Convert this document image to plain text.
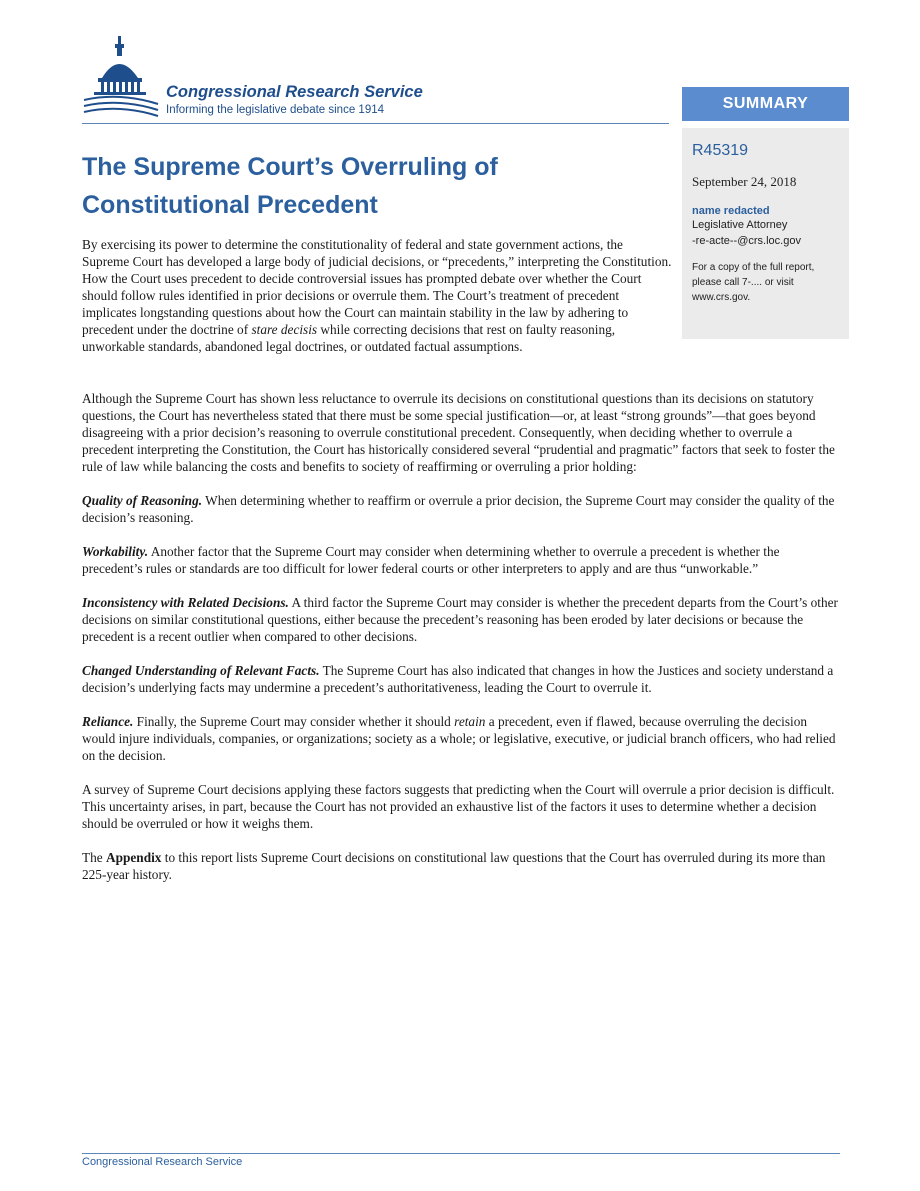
Congressional Research Service
Informing the legislative debate since 1914	SUMMARY
R45319
September 24, 2018
name redacted
Legislative Attorney
-re-acte--@crs.loc.gov
For a copy of the full report, please call 7-.... or visit www.crs.gov.
The Supreme Court’s Overruling of Constitutional Precedent

By exercising its power to determine the constitutionality of federal and state government actions, the Supreme Court has developed a large body of judicial decisions, or “precedents,” interpreting the Constitution. How the Court uses precedent to decide controversial issues has prompted debate over whether the Court should follow rules identified in prior decisions or overrule them. The Court’s treatment of precedent implicates longstanding questions about how the Court can maintain stability in the law by adhering to precedent under the doctrine of stare decisis while correcting decisions that rest on faulty reasoning, unworkable standards, abandoned legal doctrines, or outdated factual assumptions.

Although the Supreme Court has shown less reluctance to overrule its decisions on constitutional questions than its decisions on statutory questions, the Court has nevertheless stated that there must be some special justification—or, at least “strong grounds”—that goes beyond disagreeing with a prior decision’s reasoning to overrule constitutional precedent. Consequently, when deciding whether to overrule a precedent interpreting the Constitution, the Court has historically considered several “prudential and pragmatic” factors that seek to foster the rule of law while balancing the costs and benefits to society of reaffirming or overruling a prior holding:

Quality of Reasoning. When determining whether to reaffirm or overrule a prior decision, the Supreme Court may consider the quality of the decision’s reasoning.

Workability. Another factor that the Supreme Court may consider when determining whether to overrule a precedent is whether the precedent’s rules or standards are too difficult for lower federal courts or other interpreters to apply and are thus “unworkable.”

Inconsistency with Related Decisions. A third factor the Supreme Court may consider is whether the precedent departs from the Court’s other decisions on similar constitutional questions, either because the precedent’s reasoning has been eroded by later decisions or because the precedent is a recent outlier when compared to other decisions.

Changed Understanding of Relevant Facts. The Supreme Court has also indicated that changes in how the Justices and society understand a decision’s underlying facts may undermine a precedent’s authoritativeness, leading the Court to overrule it.

Reliance. Finally, the Supreme Court may consider whether it should retain a precedent, even if flawed, because overruling the decision would injure individuals, companies, or organizations; society as a whole; or legislative, executive, or judicial branch officers, who had relied on the decision.

A survey of Supreme Court decisions applying these factors suggests that predicting when the Court will overrule a prior decision is difficult. This uncertainty arises, in part, because the Court has not provided an exhaustive list of the factors it uses to determine whether a decision should be overruled or how it weighs them.

The Appendix to this report lists Supreme Court decisions on constitutional law questions that the Court has overruled during its more than 225-year history.

Congressional Research Service
